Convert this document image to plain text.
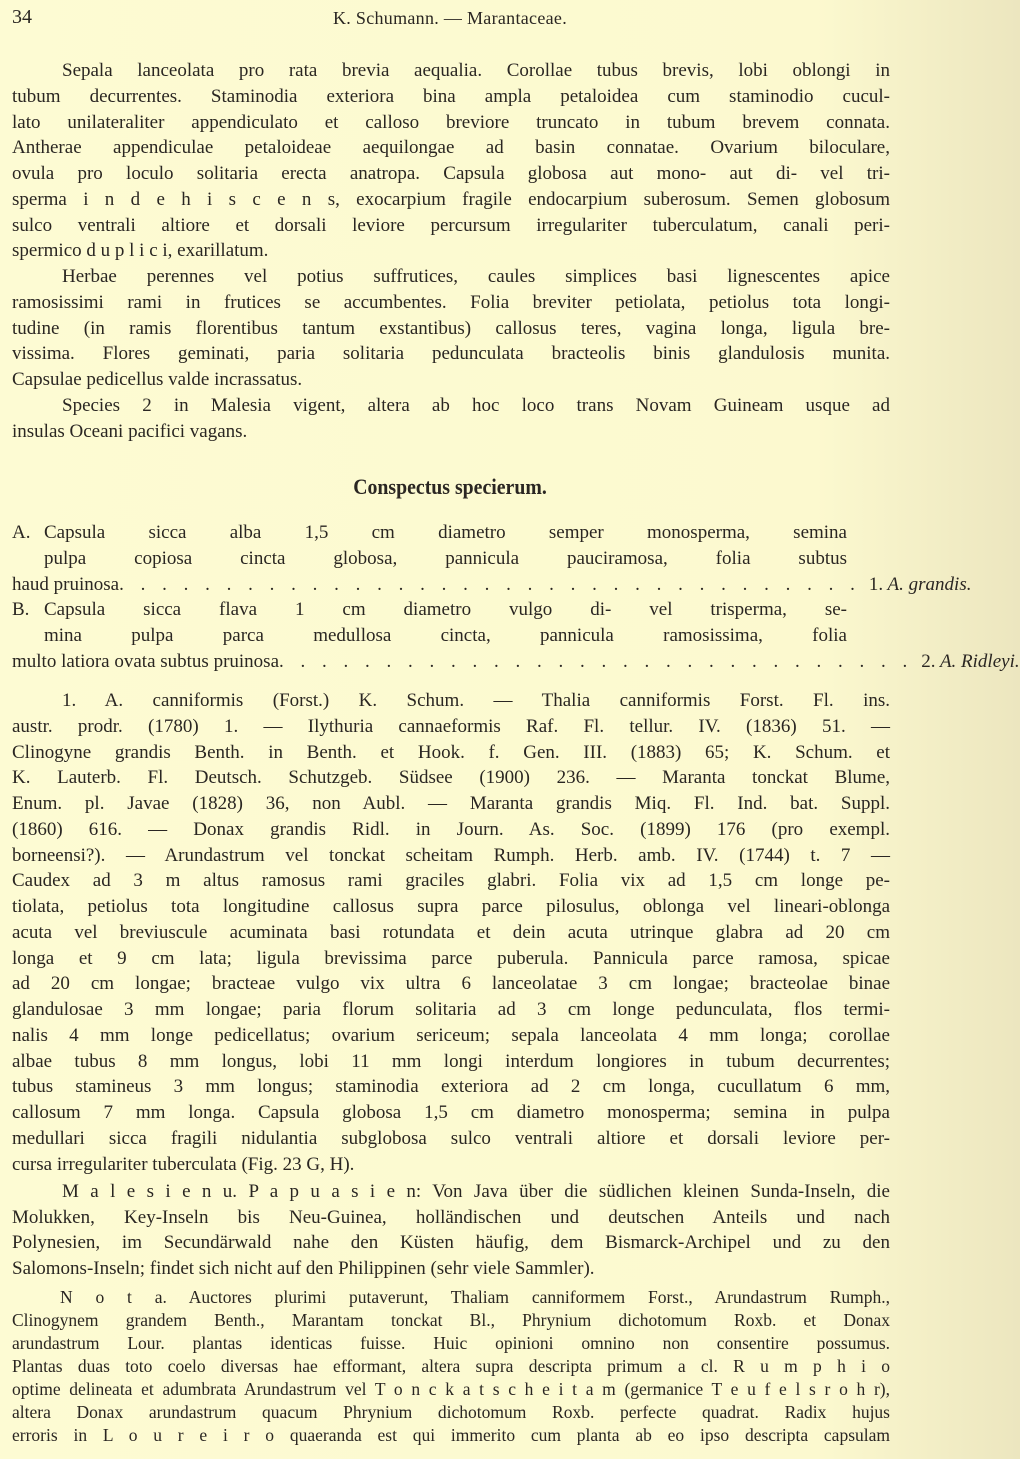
34	K. Schumann. — Marantaceae.
Sepala lanceolata pro rata brevia aequalia. Corollae tubus brevis, lobi oblongi in
tubum decurrentes. Staminodia exteriora bina ampla petaloidea cum staminodio cucul-
lato unilateraliter appendiculato et calloso breviore truncato in tubum brevem connata.
Antherae appendiculae petaloideae aequilongae ad basin connatae. Ovarium biloculare,
ovula pro loculo solitaria erecta anatropa. Capsula globosa aut mono- aut di- vel tri-
sperma i n d e h i s c e n s, exocarpium fragile endocarpium suberosum. Semen globosum
sulco ventrali altiore et dorsali leviore percursum irregulariter tuberculatum, canali peri-
spermico d u p l i c i, exarillatum.
Herbae perennes vel potius suffrutices, caules simplices basi lignescentes apice
ramosissimi rami in frutices se accumbentes. Folia breviter petiolata, petiolus tota longi-
tudine (in ramis florentibus tantum exstantibus) callosus teres, vagina longa, ligula bre-
vissima. Flores geminati, paria solitaria pedunculata bracteolis binis glandulosis munita.
Capsulae pedicellus valde incrassatus.
Species 2 in Malesia vigent, altera ab hoc loco trans Novam Guineam usque ad
insulas Oceani pacifici vagans.
Conspectus specierum.
A. Capsula sicca alba 1,5 cm diametro semper monosperma, semina
pulpa copiosa cincta globosa, pannicula pauciramosa, folia subtus
haud pruinosa . . . . . . . . . . . . . . . . . . . . . . . . . . . . . . . . . . . 1. A. grandis.
B. Capsula sicca flava 1 cm diametro vulgo di- vel trisperma, se-
mina pulpa parca medullosa cincta, pannicula ramosissima, folia
multo latiora ovata subtus pruinosa . . . . . . . . . . . . . . . . . . . . . . . . . . . . . . 2. A. Ridleyi.
1. A. canniformis (Forst.) K. Schum. — Thalia canniformis Forst. Fl. ins.
austr. prodr. (1780) 1. — Ilythuria cannaeformis Raf. Fl. tellur. IV. (1836) 51. —
Clinogyne grandis Benth. in Benth. et Hook. f. Gen. III. (1883) 65; K. Schum. et
K. Lauterb. Fl. Deutsch. Schutzgeb. Südsee (1900) 236. — Maranta tonckat Blume,
Enum. pl. Javae (1828) 36, non Aubl. — Maranta grandis Miq. Fl. Ind. bat. Suppl.
(1860) 616. — Donax grandis Ridl. in Journ. As. Soc. (1899) 176 (pro exempl.
borneensi?). — Arundastrum vel tonckat scheitam Rumph. Herb. amb. IV. (1744) t. 7 —
Caudex ad 3 m altus ramosus rami graciles glabri. Folia vix ad 1,5 cm longe pe-
tiolata, petiolus tota longitudine callosus supra parce pilosulus, oblonga vel lineari-oblonga
acuta vel breviuscule acuminata basi rotundata et dein acuta utrinque glabra ad 20 cm
longa et 9 cm lata; ligula brevissima parce puberula. Pannicula parce ramosa, spicae
ad 20 cm longae; bracteae vulgo vix ultra 6 lanceolatae 3 cm longae; bracteolae binae
glandulosae 3 mm longae; paria florum solitaria ad 3 cm longe pedunculata, flos termi-
nalis 4 mm longe pedicellatus; ovarium sericeum; sepala lanceolata 4 mm longa; corollae
albae tubus 8 mm longus, lobi 11 mm longi interdum longiores in tubum decurrentes;
tubus stamineus 3 mm longus; staminodia exteriora ad 2 cm longa, cucullatum 6 mm,
callosum 7 mm longa. Capsula globosa 1,5 cm diametro monosperma; semina in pulpa
medullari sicca fragili nidulantia subglobosa sulco ventrali altiore et dorsali leviore per-
cursa irregulariter tuberculata (Fig. 23 G, H).
M a l e s i e n u. P a p u a s i e n: Von Java über die südlichen kleinen Sunda-Inseln, die
Molukken, Key-Inseln bis Neu-Guinea, holländischen und deutschen Anteils und nach
Polynesien, im Secundärwald nahe den Küsten häufig, dem Bismarck-Archipel und zu den
Salomons-Inseln; findet sich nicht auf den Philippinen (sehr viele Sammler).
N o t a. Auctores plurimi putaverunt, Thaliam canniformem Forst., Arundastrum Rumph.,
Clinogynem grandem Benth., Marantam tonckat Bl., Phrynium dichotomum Roxb. et Donax
arundastrum Lour. plantas identicas fuisse. Huic opinioni omnino non consentire possumus.
Plantas duas toto coelo diversas hae efformant, altera supra descripta primum a cl. R u m p h i o
optime delineata et adumbrata Arundastrum vel T o n c k a t s c h e i t a m (germanice T e u f e l s r o h r),
altera Donax arundastrum quacum Phrynium dichotomum Roxb. perfecte quadrat. Radix hujus
erroris in L o u r e i r o quaeranda est qui immerito cum planta ab eo ipso descripta capsulam
